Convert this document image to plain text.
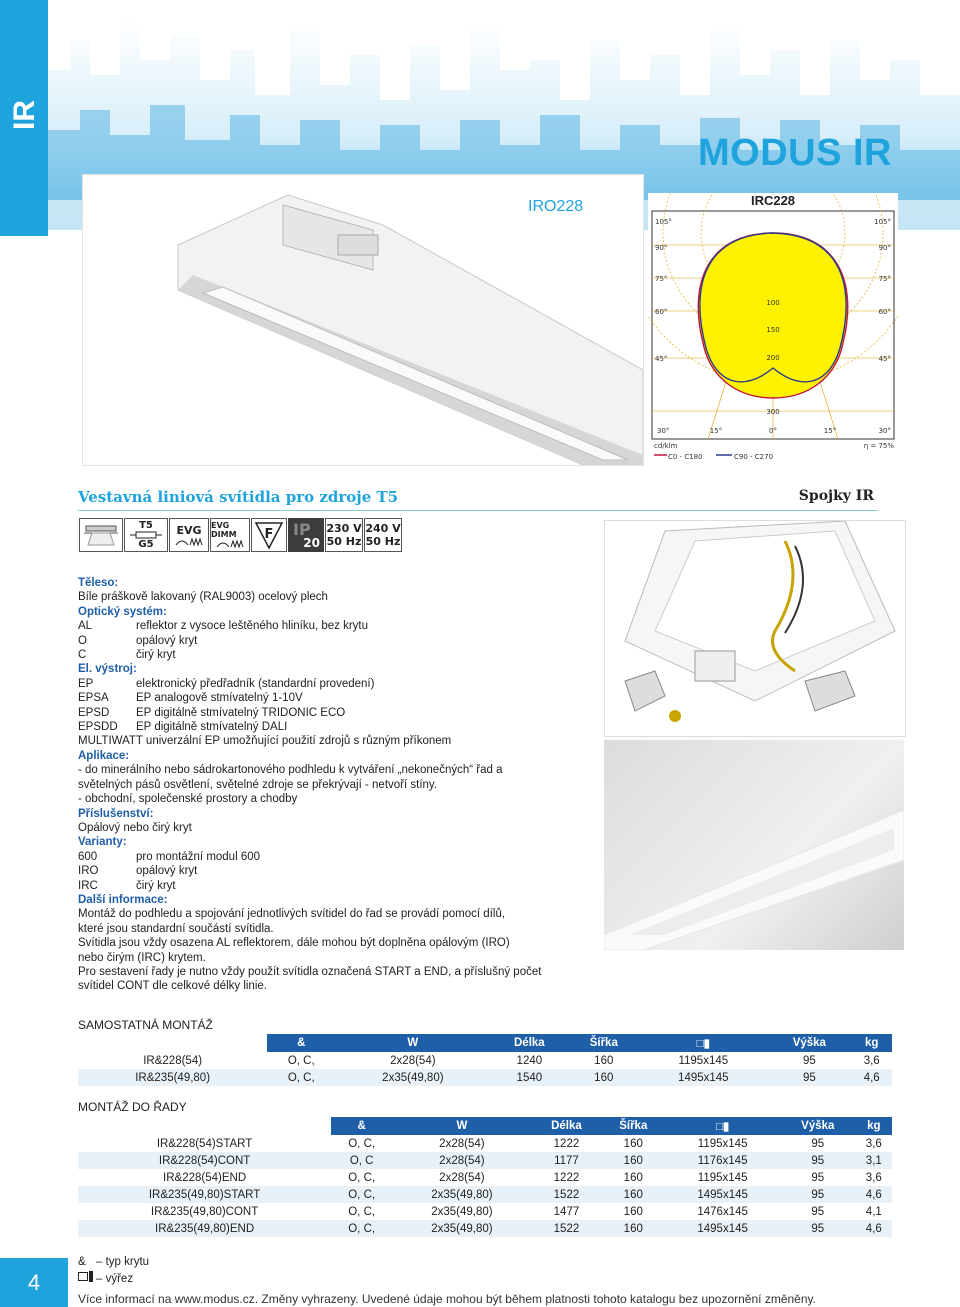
IR
MODUS IR
IRO228	IRC228
105°
90°
75°
60°
45°
105°
90°
75°
60°
45°
100
150
200
300
30°	15°	0°	15°	30°
cd/klm	η = 75%
C0 - C180	C90 - C270
Vestavná liniová svítidla pro zdroje T5	Spojky IR
T5
G5
EVG EVG DIMM	F IP
20
230 V
50 Hz
240 V
50 Hz
Těleso:
Bíle práškově lakovaný (RAL9003) ocelový plech
Optický systém:
AL	reflektor z vysoce leštěného hliníku, bez krytu
O	opálový kryt
C	čirý kryt
El. výstroj:
EP	elektronický předřadník (standardní provedení)
EPSA	EP analogově stmívatelný 1-10V
EPSD	EP digitálně stmívatelný TRIDONIC ECO
EPSDD	EP digitálně stmívatelný DALI
MULTIWATT univerzální EP umožňující použití zdrojů s různým příkonem
Aplikace:
- do minerálního nebo sádrokartonového podhledu k vytváření „nekonečných“ řad a
světelných pásů osvětlení, světelné zdroje se překrývají - netvoří stíny.
- obchodní, společenské prostory a chodby
Příslušenství:
Opálový nebo čirý kryt
Varianty:
600	pro montážní modul 600
IRO	opálový kryt
IRC	čirý kryt
Další informace:
Montáž do podhledu a spojování jednotlivých svítidel do řad se provádí pomocí dílů,
které jsou standardní součástí svítidla.
Svítidla jsou vždy osazena AL reflektorem, dále mohou být doplněna opálovým (IRO)
nebo čirým (IRC) krytem.
Pro sestavení řady je nutno vždy použít svítidla označená START a END, a příslušný počet
svítidel CONT dle celkové délky linie.
SAMOSTATNÁ MONTÁŽ
	&	W	Délka	Šířka	□▮	Výška	kg
IR&228(54)	O, C,	2x28(54)	1240	160	1195x145	95	3,6
IR&235(49,80)	O, C,	2x35(49,80)	1540	160	1495x145	95	4,6
MONTÁŽ DO ŘADY
	&	W	Délka	Šířka	□▮	Výška	kg
IR&228(54)START	O, C,	2x28(54)	1222	160	1195x145	95	3,6
IR&228(54)CONT	O, C	2x28(54)	1177	160	1176x145	95	3,1
IR&228(54)END	O, C,	2x28(54)	1222	160	1195x145	95	3,6
IR&235(49,80)START	O, C,	2x35(49,80)	1522	160	1495x145	95	4,6
IR&235(49,80)CONT	O, C,	2x35(49,80)	1477	160	1476x145	95	4,1
IR&235(49,80)END	O, C,	2x35(49,80)	1522	160	1495x145	95	4,6
& – typ krytu
– výřez
4
Více informací na www.modus.cz. Změny vyhrazeny. Uvedené údaje mohou být během platnosti tohoto katalogu bez upozornění změněny.
